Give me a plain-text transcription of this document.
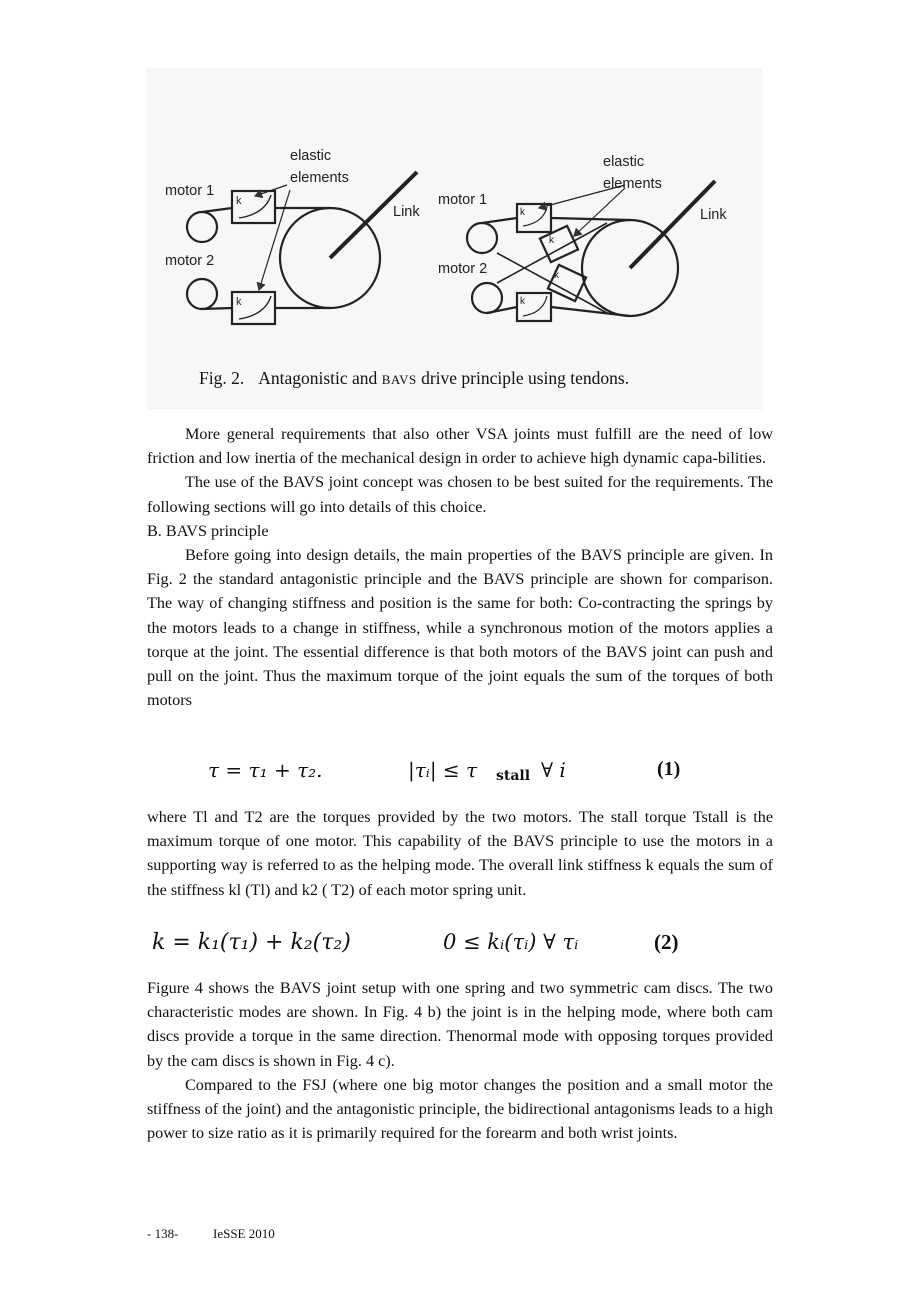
motor 1
motor 2
elastic
elements
Link
k
k
motor 1
motor 2
elastic
elements
Link
k
k
k
k
Fig. 2. Antagonistic and BAVS drive principle using tendons.

More general requirements that also other VSA joints must fulfill are the need of low friction and low inertia of the mechanical design in order to achieve high dynamic capa-bilities.

The use of the BAVS joint concept was chosen to be best suited for the requirements. The following sections will go into details of this choice.

B. BAVS principle

Before going into design details, the main properties of the BAVS principle are given. In Fig. 2 the standard antagonistic principle and the BAVS principle are shown for comparison. The way of changing stiffness and position is the same for both: Co-contracting the springs by the motors leads to a change in stiffness, while a synchronous motion of the motors applies a torque at the joint. The essential difference is that both motors of the BAVS joint can push and pull on the joint. Thus the maximum torque of the joint equals the sum of the torques of both motors

τ = τ₁ + τ₂.	|τᵢ| ≤ τ stall ∀ i	(1)

where Tl and T2 are the torques provided by the two motors. The stall torque Tstall is the maximum torque of one motor. This capability of the BAVS principle to use the motors in a supporting way is referred to as the helping mode. The overall link stiffness k equals the sum of the stiffness kl (Tl) and k2 ( T2) of each motor spring unit.

k = k₁(τ₁) + k₂(τ₂)	0 ≤ kᵢ(τᵢ) ∀ τᵢ	(2)

Figure 4 shows the BAVS joint setup with one spring and two symmetric cam discs. The two characteristic modes are shown. In Fig. 4 b) the joint is in the helping mode, where both cam discs provide a torque in the same direction. Thenormal mode with opposing torques provided by the cam discs is shown in Fig. 4 c).

Compared to the FSJ (where one big motor changes the position and a small motor the stiffness of the joint) and the antagonistic principle, the bidirectional antagonisms leads to a high power to size ratio as it is primarily required for the forearm and both wrist joints.

- 138-	IeSSE 2010
